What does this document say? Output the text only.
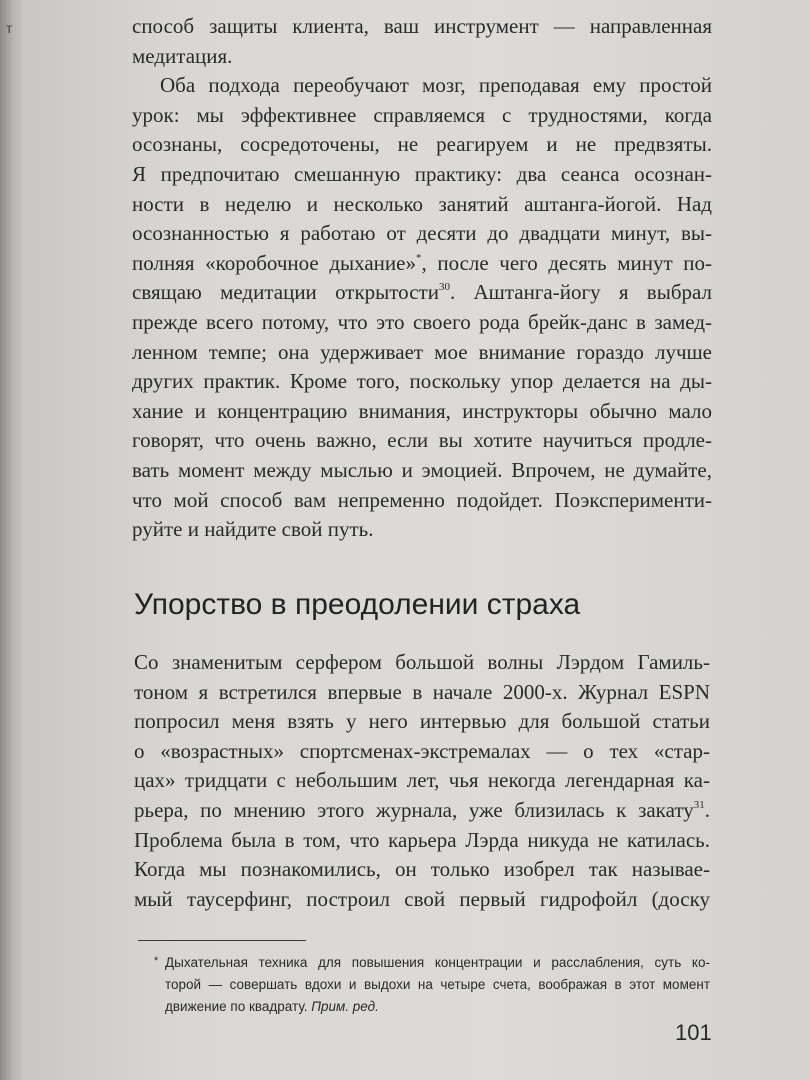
т	способ защиты клиента, ваш инструмент — направленная
медитация.
Оба подхода переобучают мозг, преподавая ему простой
урок: мы эффективнее справляемся с трудностями, когда
осознаны, сосредоточены, не реагируем и не предвзяты.
Я предпочитаю смешанную практику: два сеанса осознан-
ности в неделю и несколько занятий аштанга-йогой. Над
осознанностью я работаю от десяти до двадцати минут, вы-
полняя «коробочное дыхание»*, после чего десять минут по-
свящаю медитации открытости$^{30}$. Аштанга-йогу я выбрал
прежде всего потому, что это своего рода брейк-данс в замед-
ленном темпе; она удерживает мое внимание гораздо лучше
других практик. Кроме того, поскольку упор делается на ды-
хание и концентрацию внимания, инструкторы обычно мало
говорят, что очень важно, если вы хотите научиться продле-
вать момент между мыслью и эмоцией. Впрочем, не думайте,
что мой способ вам непременно подойдет. Поэксперименти-
руйте и найдите свой путь.
Упорство в преодолении страха
Со знаменитым серфером большой волны Лэрдом Гамиль-
тоном я встретился впервые в начале 2000-х. Журнал ESPN
попросил меня взять у него интервью для большой статьи
о «возрастных» спортсменах-экстремалах — о тех «стар-
цах» тридцати с небольшим лет, чья некогда легендарная ка-
рьера, по мнению этого журнала, уже близилась к закату$^{31}$.
Проблема была в том, что карьера Лэрда никуда не катилась.
Когда мы познакомились, он только изобрел так называе-
мый таусерфинг, построил свой первый гидрофойл (доску
* Дыхательная техника для повышения концентрации и расслабления, суть ко-
торой — совершать вдохи и выдохи на четыре счета, воображая в этот момент
движение по квадрату. Прим. ред.
101
